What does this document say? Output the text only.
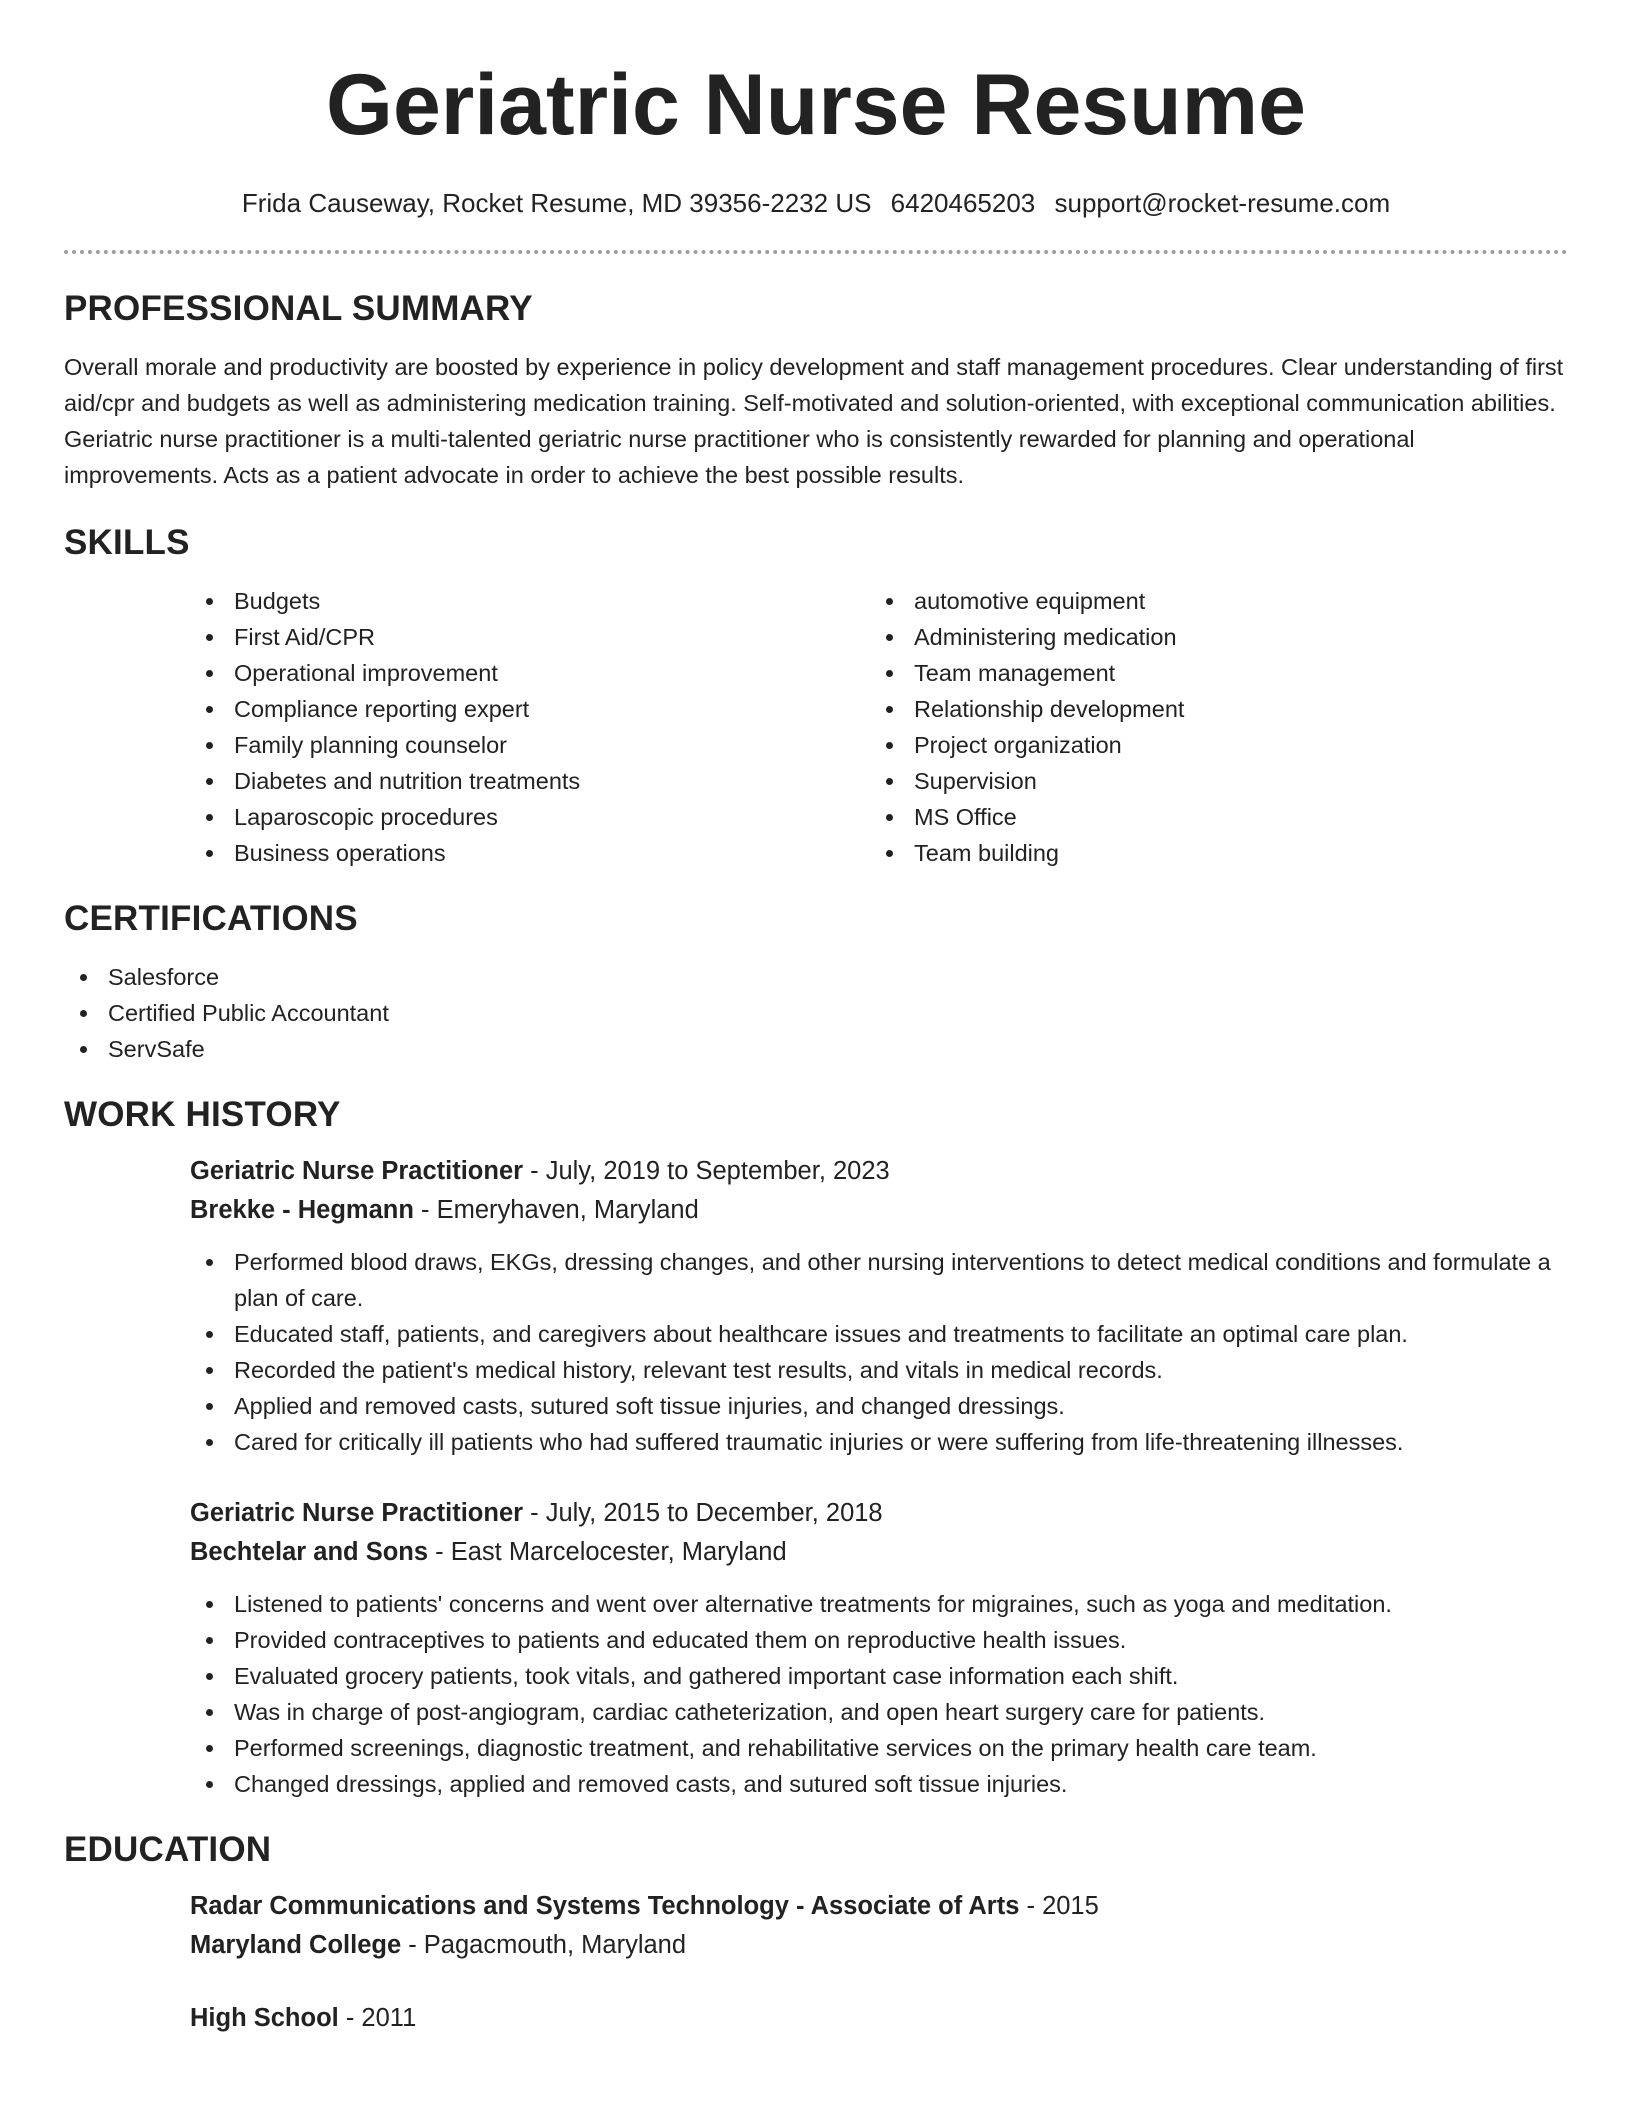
Geriatric Nurse Resume
Frida Causeway, Rocket Resume, MD 39356-2232 US 6420465203 support@rocket-resume.com
PROFESSIONAL SUMMARY

Overall morale and productivity are boosted by experience in policy development and staff management procedures. Clear understanding of first aid/cpr and budgets as well as administering medication training. Self-motivated and solution-oriented, with exceptional communication abilities. Geriatric nurse practitioner is a multi-talented geriatric nurse practitioner who is consistently rewarded for planning and operational improvements. Acts as a patient advocate in order to achieve the best possible results.

SKILLS
Budgets
First Aid/CPR
Operational improvement
Compliance reporting expert
Family planning counselor
Diabetes and nutrition treatments
Laparoscopic procedures
Business operations
automotive equipment
Administering medication
Team management
Relationship development
Project organization
Supervision
MS Office
Team building
CERTIFICATIONS
Salesforce
Certified Public Accountant
ServSafe
WORK HISTORY
Geriatric Nurse Practitioner - July, 2019 to September, 2023
Brekke - Hegmann - Emeryhaven, Maryland
Performed blood draws, EKGs, dressing changes, and other nursing interventions to detect medical conditions and formulate a plan of care.
Educated staff, patients, and caregivers about healthcare issues and treatments to facilitate an optimal care plan.
Recorded the patient's medical history, relevant test results, and vitals in medical records.
Applied and removed casts, sutured soft tissue injuries, and changed dressings.
Cared for critically ill patients who had suffered traumatic injuries or were suffering from life-threatening illnesses.
Geriatric Nurse Practitioner - July, 2015 to December, 2018
Bechtelar and Sons - East Marcelocester, Maryland
Listened to patients' concerns and went over alternative treatments for migraines, such as yoga and meditation.
Provided contraceptives to patients and educated them on reproductive health issues.
Evaluated grocery patients, took vitals, and gathered important case information each shift.
Was in charge of post-angiogram, cardiac catheterization, and open heart surgery care for patients.
Performed screenings, diagnostic treatment, and rehabilitative services on the primary health care team.
Changed dressings, applied and removed casts, and sutured soft tissue injuries.
EDUCATION
Radar Communications and Systems Technology - Associate of Arts - 2015
Maryland College - Pagacmouth, Maryland
High School - 2011
